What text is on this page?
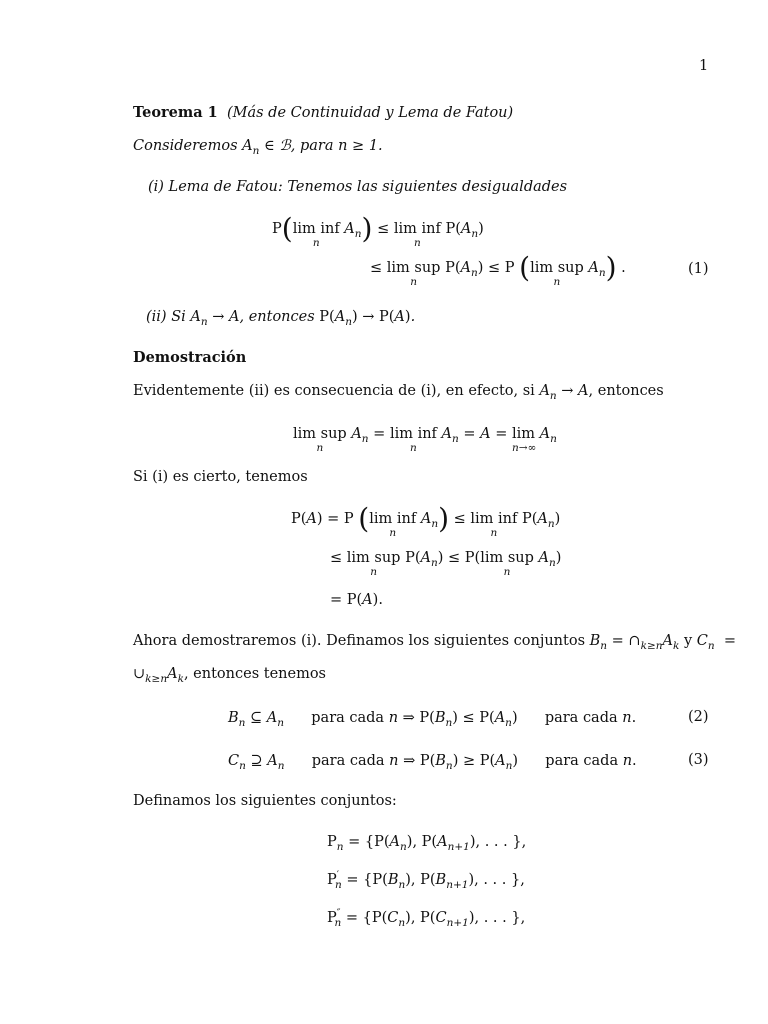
1
Teorema 1 (Más de Continuidad y Lema de Fatou)
Consideremos $A_n$ ∈ ℬ, para n ≥ 1.
(i) Lema de Fatou: Tenemos las siguientes desigualdades
P(lim inf
n
$A_n) \le \lim$ inf
n
$P(A_n)$
≤ lim sup
n
$P(A_n) \le P$ (lim sup
n
$A_n$) .	(1)
(ii) Si $A_n \to A$, entonces $P(A_n) \to P(A)$.
Demostración
Evidentemente (ii) es consecuencia de (i), en efecto, si $A_n \to A$, entonces
lim sup
n
$A_n = \lim$ inf
n
$A_n = A = \lim$
n→∞
$A_n$
Si (i) es cierto, tenemos
P(A) = P (lim inf
n
$A_n) \le \lim$ inf
n
$P(A_n)$
≤ lim sup
n
$P(A_n) \le P(\lim$ sup
n
$A_n$)
= P(A).
Ahora demostraremos (i). Definamos los siguientes conjuntos $B_n$ = $\cap_{k\ge n}A_k$ y $C_n$  =
$\cup_{k\ge n}A_k$, entonces tenemos
$B_n$ ⊆ $A_n$ para cada n ⇒ $P(B_n) \le P(A_n)$  para cada n.	(2)
$C_n$ ⊇ $A_n$ para cada n ⇒ $P(B_n) \ge P(A_n)$  para cada n.	(3)
Definamos los siguientes conjuntos:
$P_n = \{P(A_n)$, $P(A_{n+1})$, . . . },
$P'_n = \{P(B_n)$, $P(B_{n+1})$, . . . },
$P''_n = \{P(C_n)$, $P(C_{n+1})$, . . . },
